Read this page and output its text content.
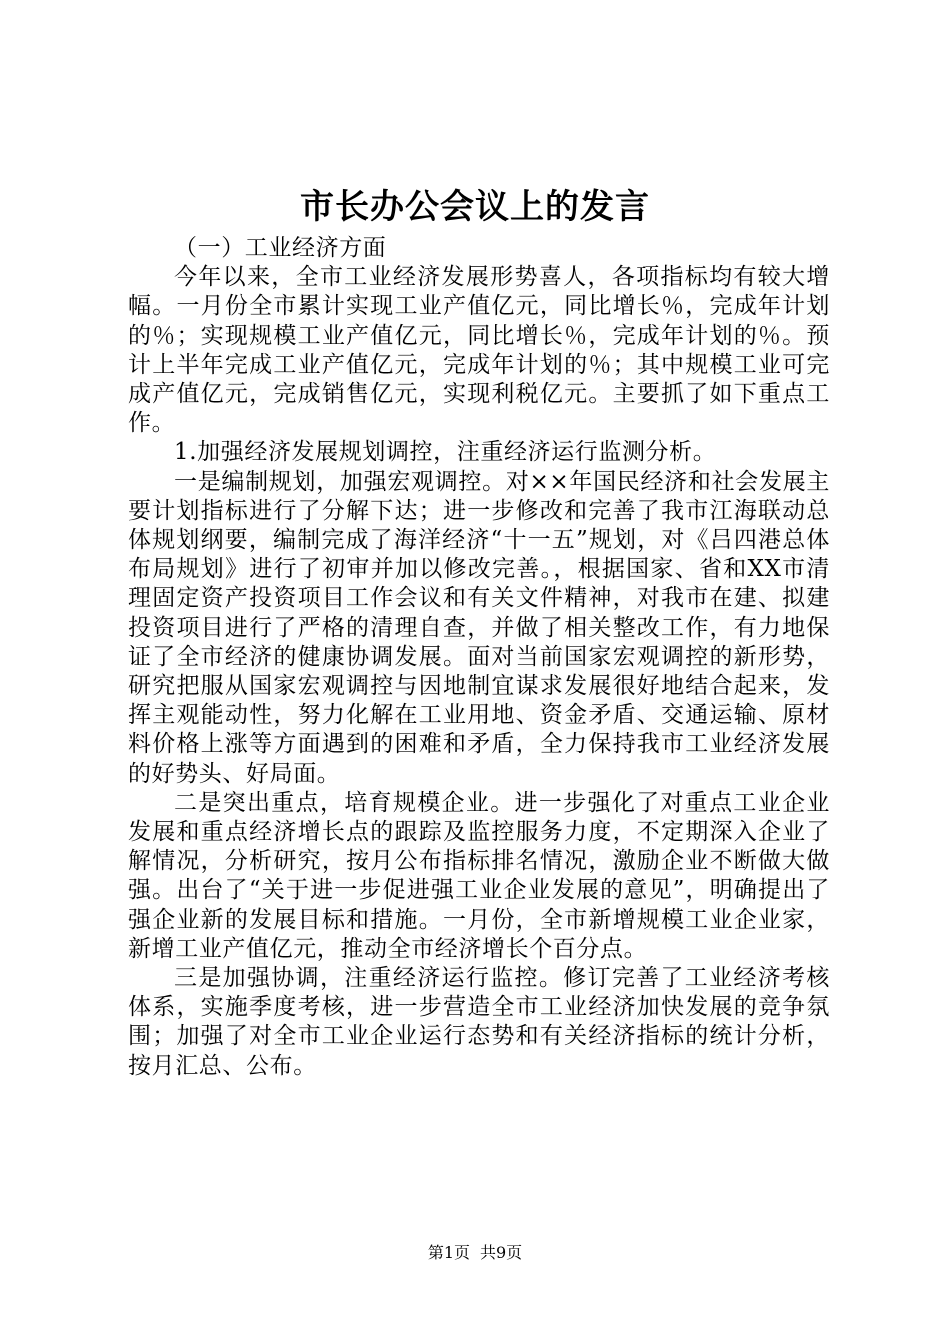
市长办公会议上的发言

（一）工业经济方面

今年以来，全市工业经济发展形势喜人，各项指标均有较大增幅。一月份全市累计实现工业产值亿元，同比增长％，完成年计划的％；实现规模工业产值亿元，同比增长％，完成年计划的％。预计上半年完成工业产值亿元，完成年计划的％；其中规模工业可完成产值亿元，完成销售亿元，实现利税亿元。主要抓了如下重点工作。

1.加强经济发展规划调控，注重经济运行监测分析。

一是编制规划，加强宏观调控。对××年国民经济和社会发展主要计划指标进行了分解下达；进一步修改和完善了我市江海联动总体规划纲要，编制完成了海洋经济“十一五”规划，对《吕四港总体布局规划》进行了初审并加以修改完善。，根据国家、省和XX市清理固定资产投资项目工作会议和有关文件精神，对我市在建、拟建投资项目进行了严格的清理自查，并做了相关整改工作，有力地保证了全市经济的健康协调发展。面对当前国家宏观调控的新形势，研究把服从国家宏观调控与因地制宜谋求发展很好地结合起来，发挥主观能动性，努力化解在工业用地、资金矛盾、交通运输、原材料价格上涨等方面遇到的困难和矛盾，全力保持我市工业经济发展的好势头、好局面。

二是突出重点，培育规模企业。进一步强化了对重点工业企业发展和重点经济增长点的跟踪及监控服务力度，不定期深入企业了解情况，分析研究，按月公布指标排名情况，激励企业不断做大做强。出台了“关于进一步促进强工业企业发展的意见”，明确提出了强企业新的发展目标和措施。一月份，全市新增规模工业企业家，新增工业产值亿元，推动全市经济增长个百分点。

三是加强协调，注重经济运行监控。修订完善了工业经济考核体系，实施季度考核，进一步营造全市工业经济加快发展的竞争氛围；加强了对全市工业企业运行态势和有关经济指标的统计分析，按月汇总、公布。

第1页 共9页
